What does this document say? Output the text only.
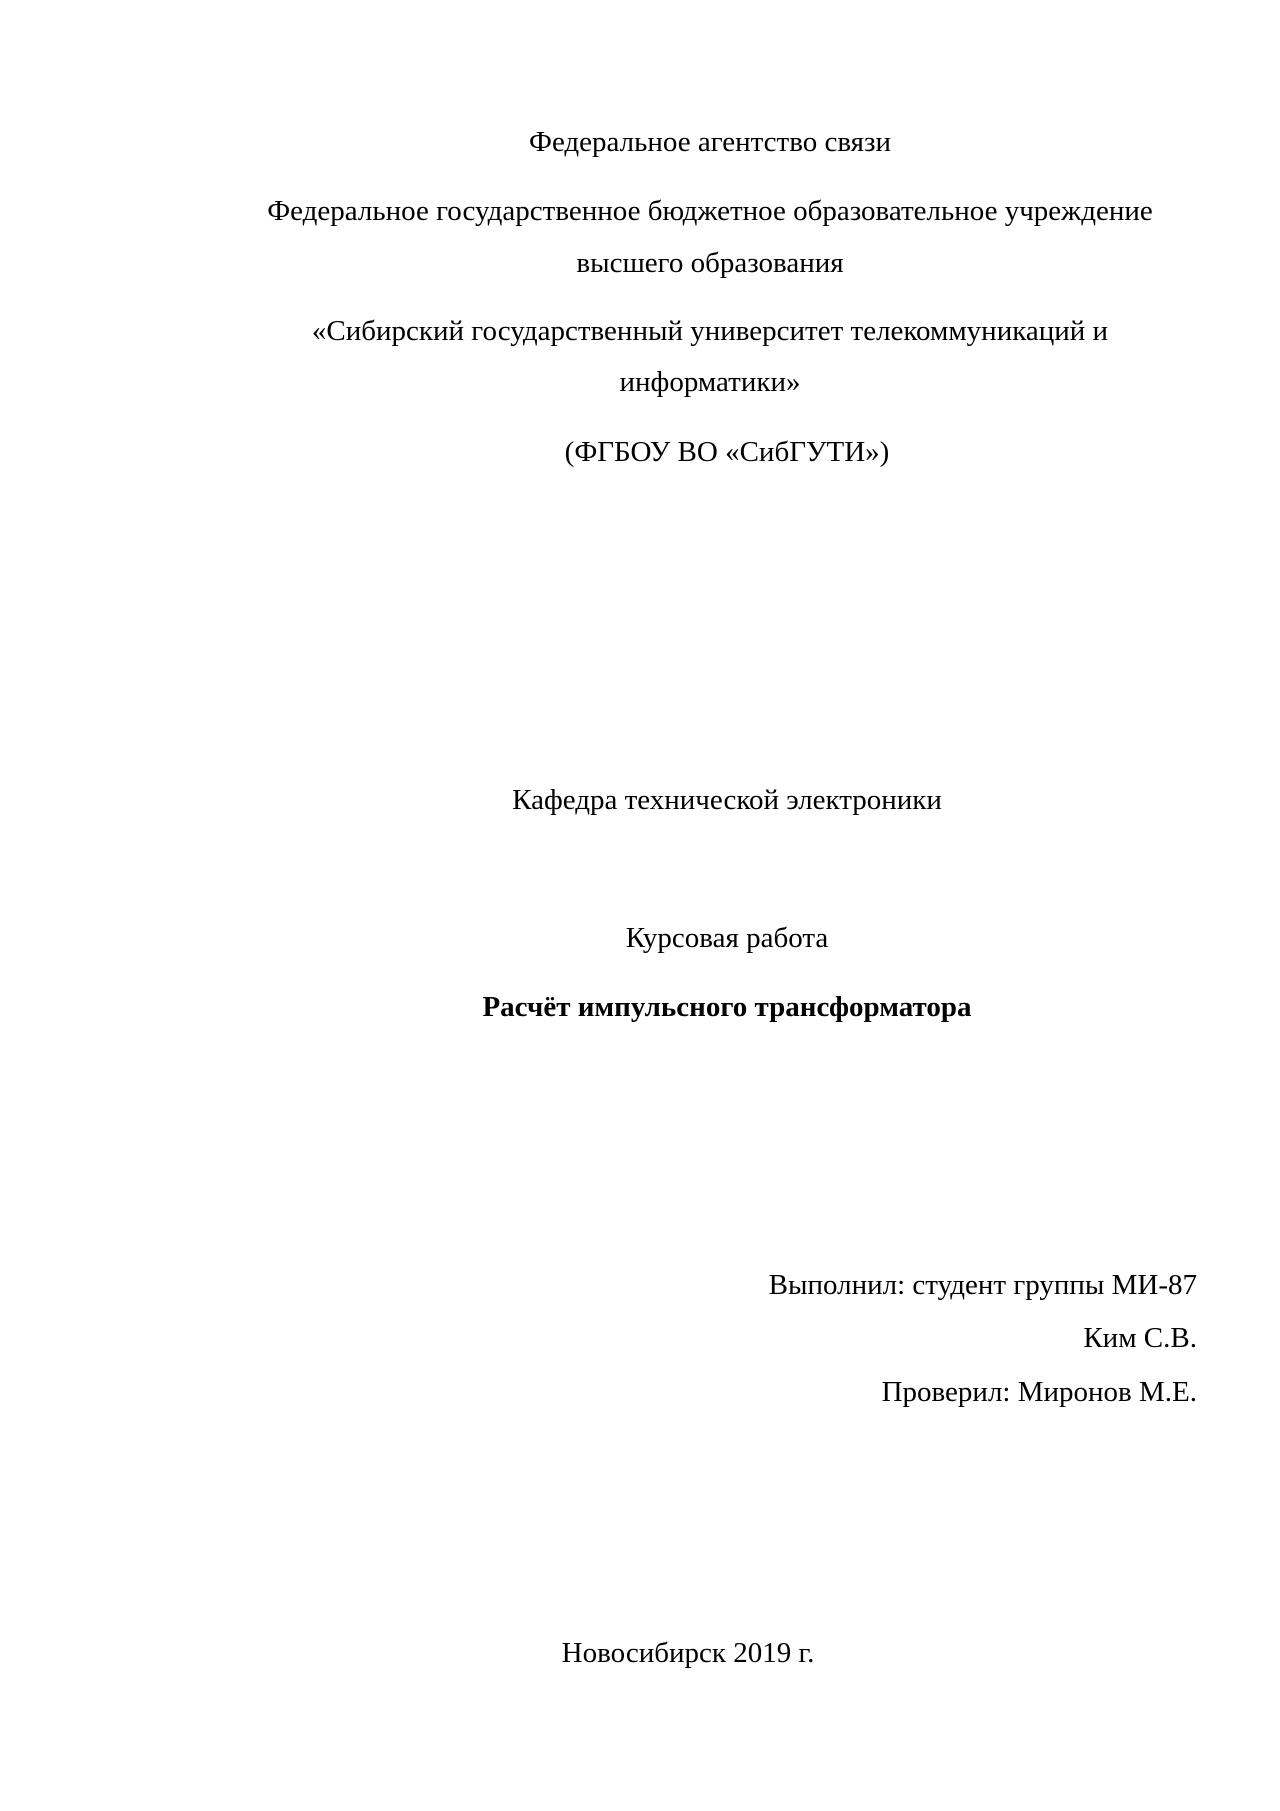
Федеральное агентство связи
Федеральное государственное бюджетное образовательное учреждение
высшего образования
«Сибирский государственный университет телекоммуникаций и
информатики»
(ФГБОУ ВО «СибГУТИ»)
Кафедра технической электроники
Курсовая работа
Расчёт импульсного трансформатора
Выполнил: студент группы МИ-87
Ким С.В.
Проверил: Миронов М.Е.
Новосибирск 2019 г.
